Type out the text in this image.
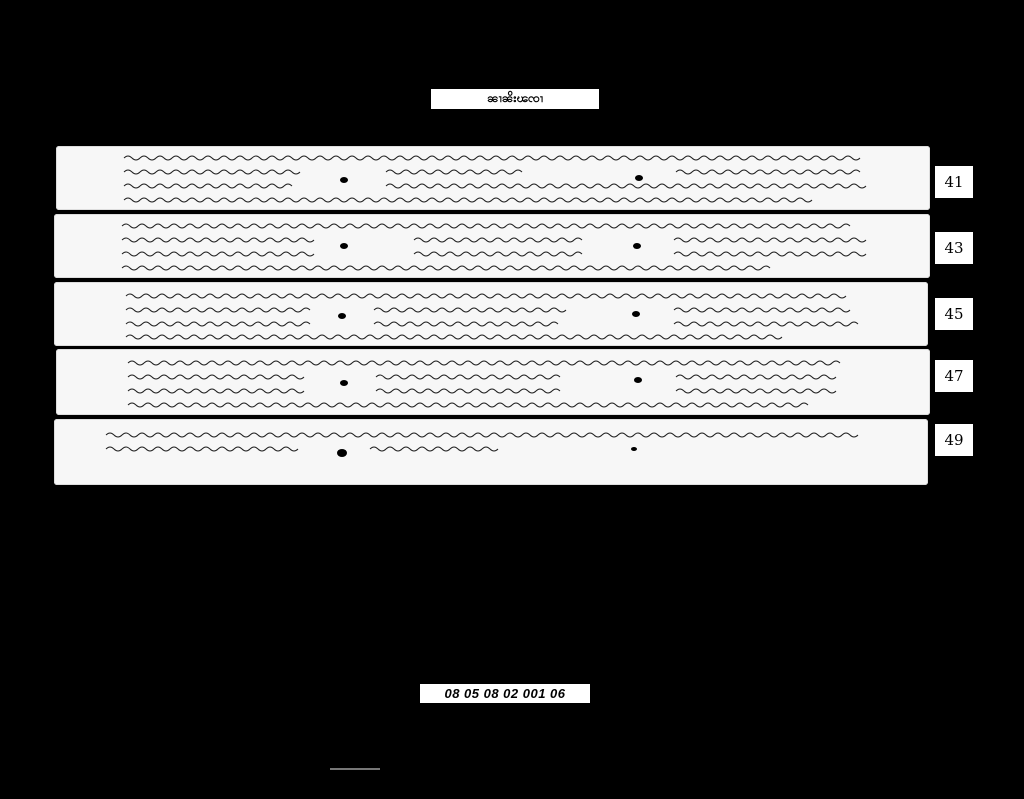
ၼၢၼိးၽၸၢ
41
43
45
47
49
08 05 08 02 001 06
